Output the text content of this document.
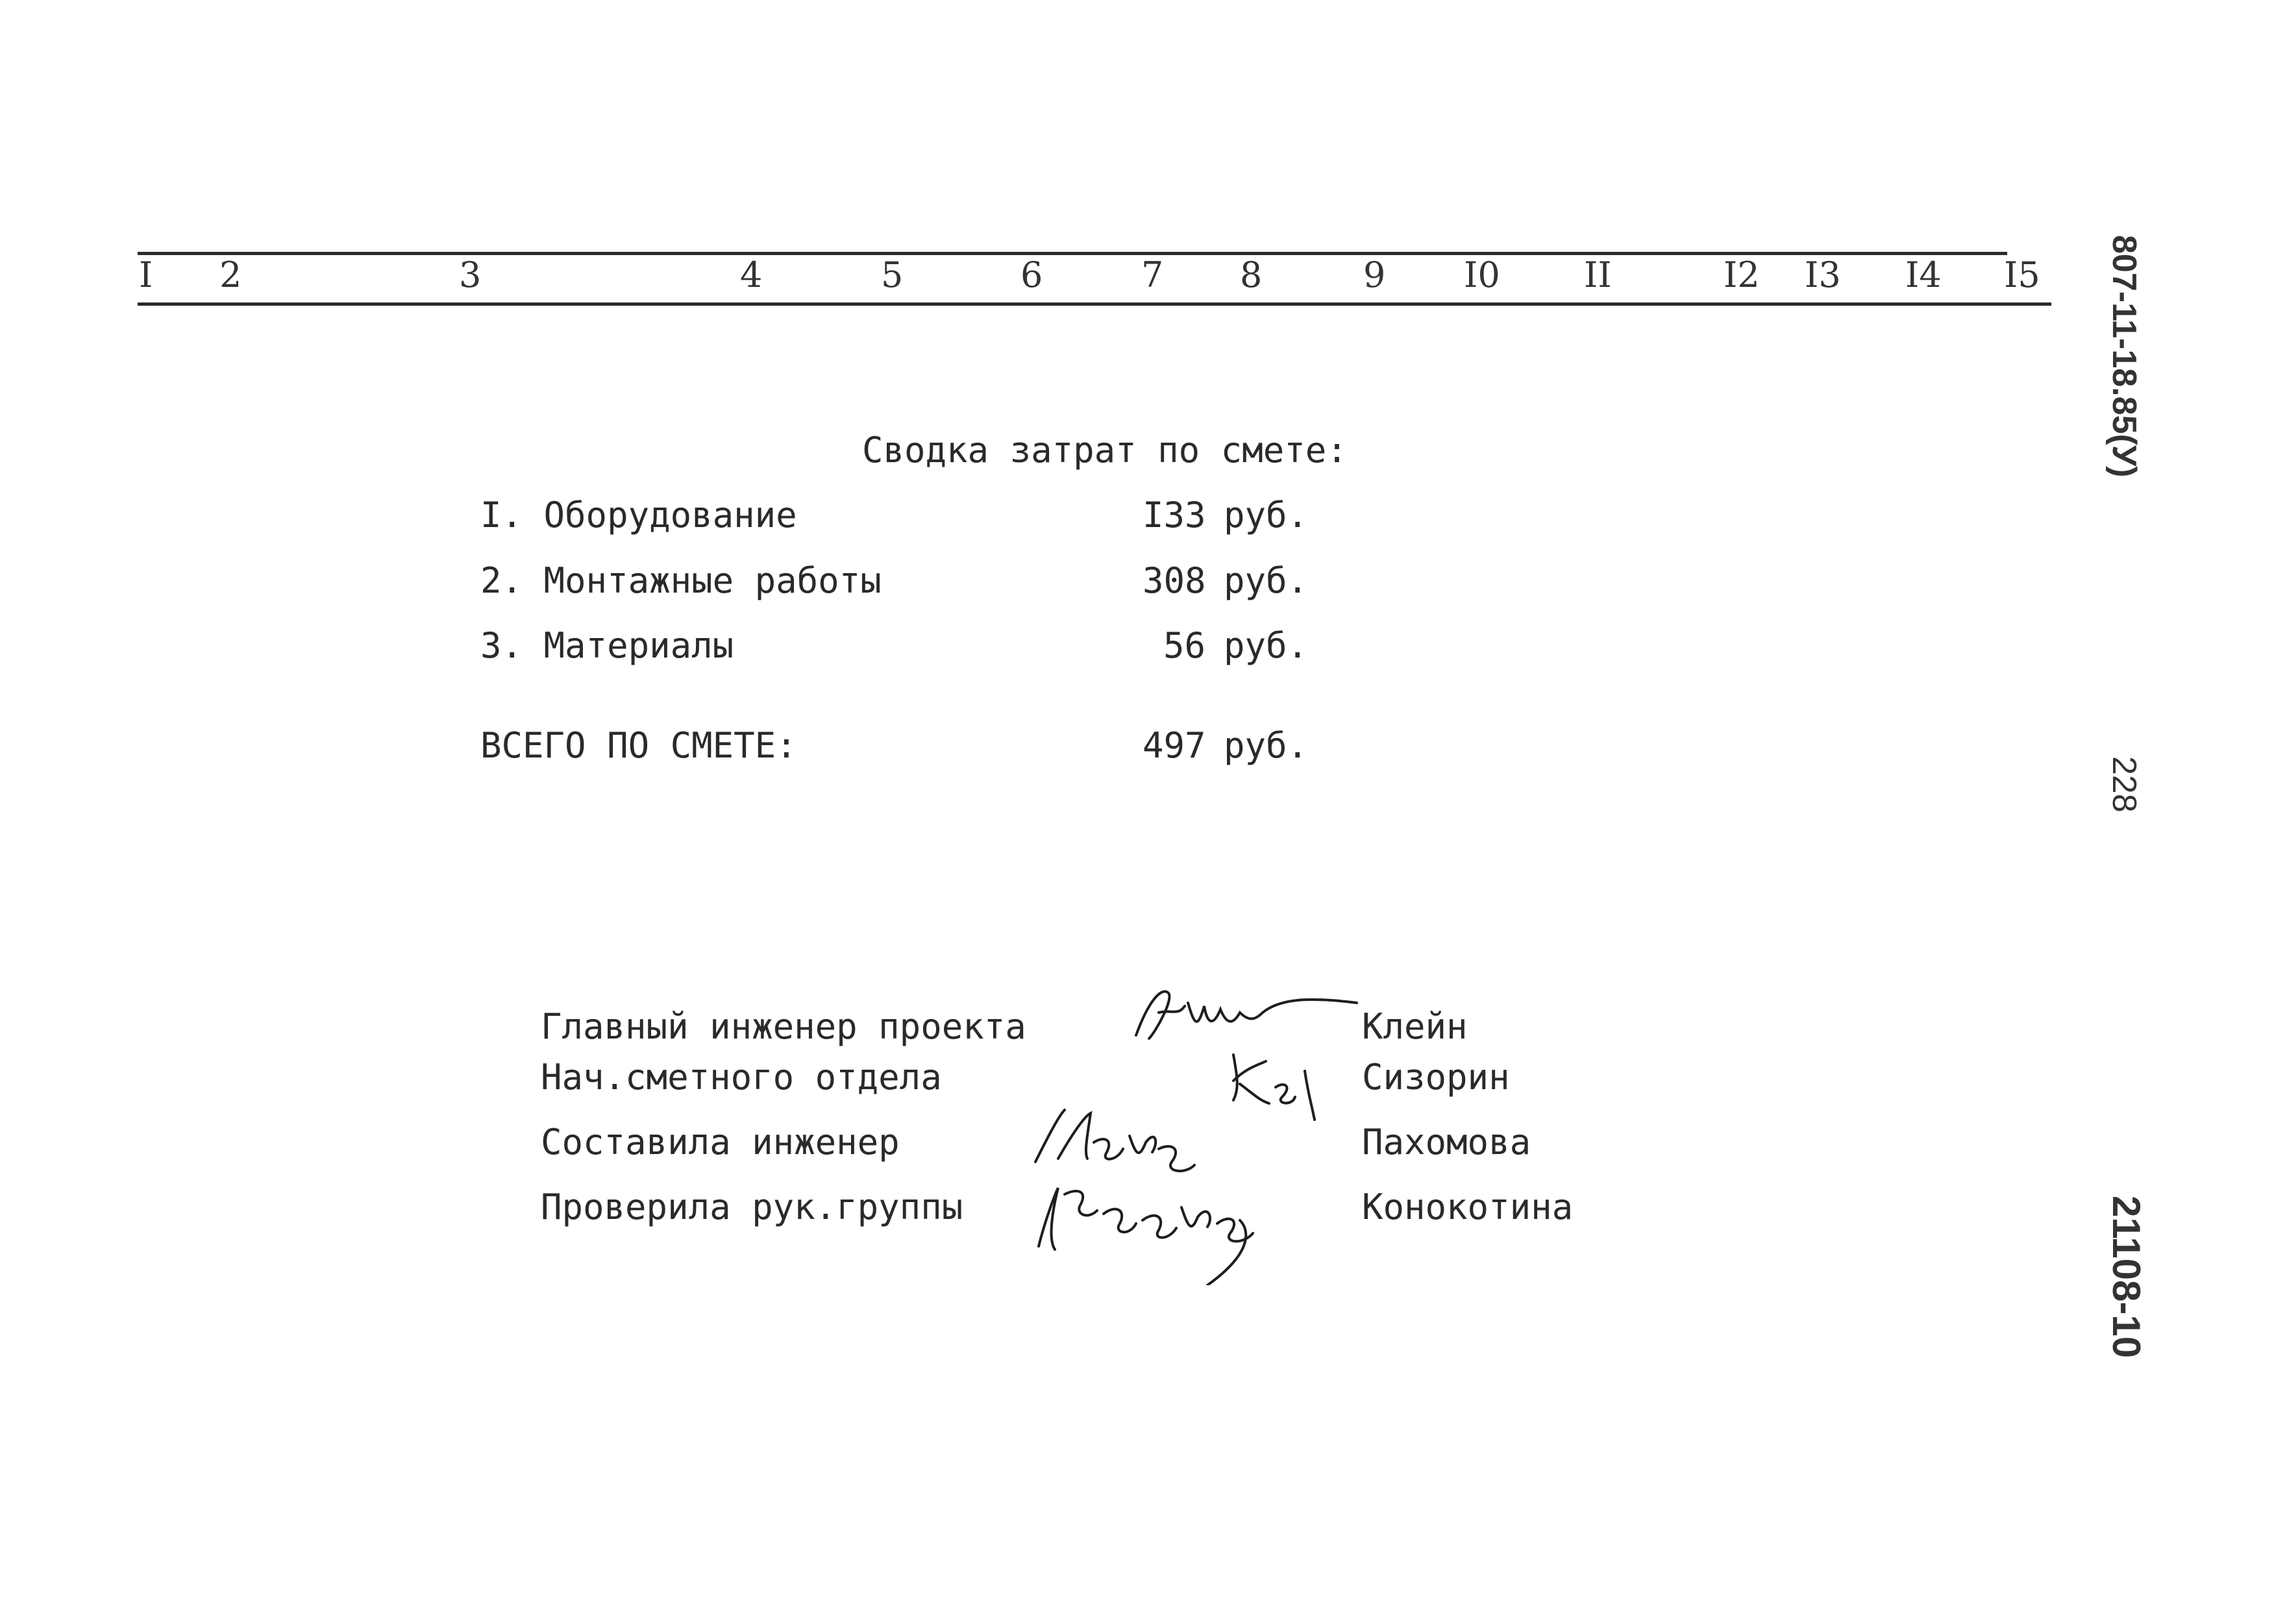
I 2	3	4	5	6	7 8	9 I0 II	I2 I3 I4 I5 807-11-18.85(У)
228
21108-10
Сводка затрат по смете:
I. Оборудование	I33 руб.
2. Монтажные работы	308 руб.
3. Материалы	56 руб.
ВСЕГО ПО СМЕТЕ:	497 руб.
Главный инженер проекта	Клейн
Нач.сметного отдела	Сизорин
Составила инженер	Пахомова
Проверила рук.группы	Конокотина
